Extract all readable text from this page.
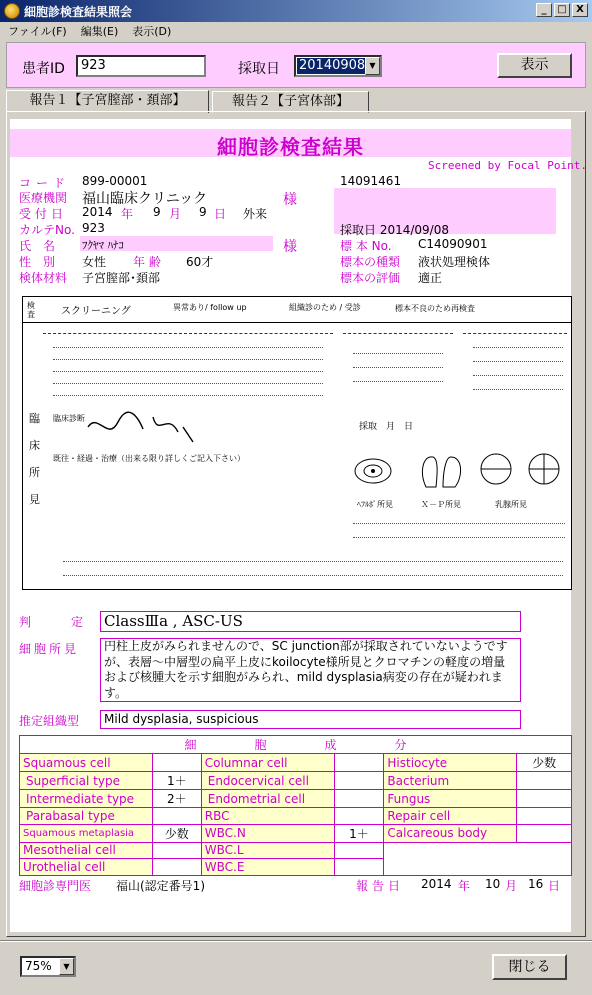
細胞診検査結果照会	_	□ X
ファイル(F) 編集(E) 表示(D)
患者ID	923	採取日 20140908 ▼	表示
報告１【子宮膣部・頚部】	報告２【子宮体部】
細胞診検査結果
Screened by Focal Point.
コード 899-00001	14091461
医療機関 福山臨床クリニック	様
受付日 2014 年 9 月 9 日 外来
カルテNo. 923	採取日 2014/09/08
氏　名 ﾌｸﾔﾏ ﾊﾅｺ	様	標 本 No. C14090901
性　別 女性 年 齢 60才	標本の種類 液状処理検体
検体材料 子宮膣部･頚部	標本の評価 適正
検
査	スクリーニング	異常あり/ follow up	組織診のため / 受診	標本不良のため再検査
臨
床
所
見
臨床診断
既往・経過・治療（出来る限り詳しくご記入下さい）
採取　月　日
ﾍﾌﾙﾎﾟ所見	Ｘ－Ｐ所見	乳腺所見
判　定 ClassⅢa , ASC-US
細胞所見	円柱上皮がみられませんので、SC junction部が採取されていないようですが、表層～中層型の扁平上皮にkoilocyte様所見とクロマチンの軽度の増量および核腫大を示す細胞がみられ、mild dysplasia病変の存在が疑われます。
推定組織型	Mild dysplasia, suspicious
細 胞 成 分					
Squamous cell		Columnar cell		Histiocyte	少数
Superficial type	1＋	Endocervical cell		Bacterium	
Intermediate type	2＋	Endometrial cell		Fungus	
Parabasal type		RBC		Repair cell	
Squamous metaplasia	少数	WBC.N	1＋	Calcareous body	
Mesothelial cell		WBC.L			
Urothelial cell		WBC.E			
細胞診専門医 福山(認定番号1)	報告日 2014 年 10 月 16 日
75%	▼	閉じる
